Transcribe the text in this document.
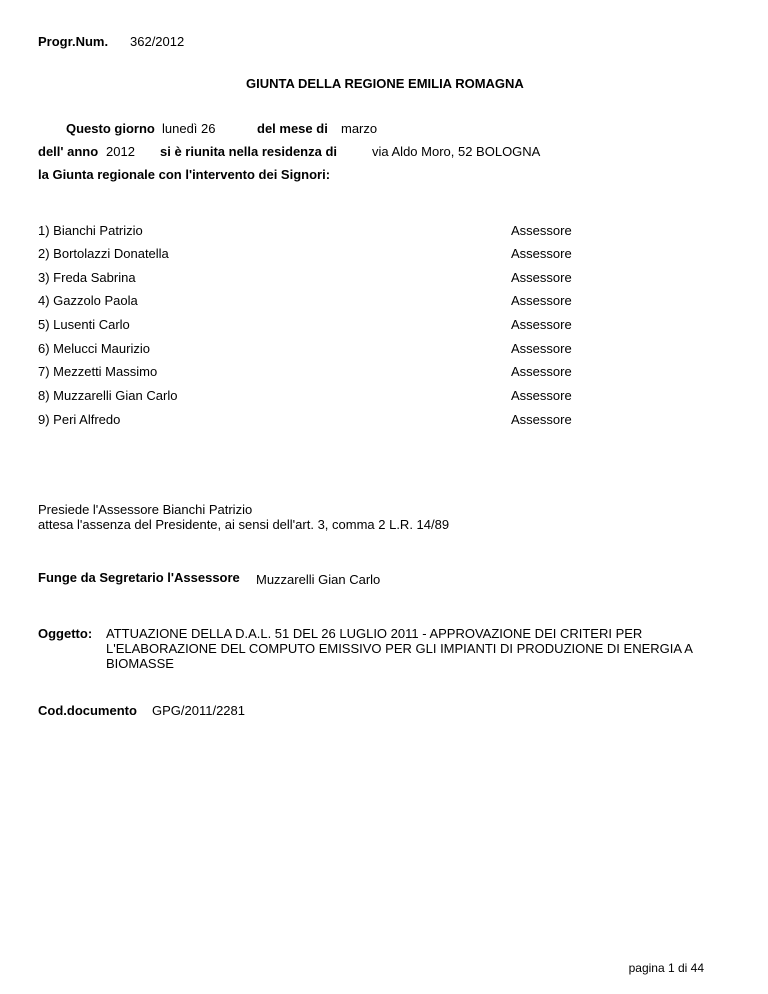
Progr.Num. 362/2012
GIUNTA DELLA REGIONE EMILIA ROMAGNA
Questo giorno lunedì 26	del mese di marzo
dell' anno 2012 si è riunita nella residenza di	via Aldo Moro, 52 BOLOGNA
la Giunta regionale con l'intervento dei Signori:
1) Bianchi Patrizio	Assessore
2) Bortolazzi Donatella	Assessore
3) Freda Sabrina	Assessore
4) Gazzolo Paola	Assessore
5) Lusenti Carlo	Assessore
6) Melucci Maurizio	Assessore
7) Mezzetti Massimo	Assessore
8) Muzzarelli Gian Carlo	Assessore
9) Peri Alfredo	Assessore
Presiede l'Assessore Bianchi Patrizio
attesa l'assenza del Presidente, ai sensi dell'art. 3, comma 2 L.R. 14/89
Funge da Segretario l'Assessore Muzzarelli Gian Carlo
Oggetto: ATTUAZIONE DELLA D.A.L. 51 DEL 26 LUGLIO 2011 - APPROVAZIONE DEI CRITERI PER
L'ELABORAZIONE DEL COMPUTO EMISSIVO PER GLI IMPIANTI DI PRODUZIONE DI ENERGIA A
BIOMASSE
Cod.documento GPG/2011/2281
pagina 1 di 44
